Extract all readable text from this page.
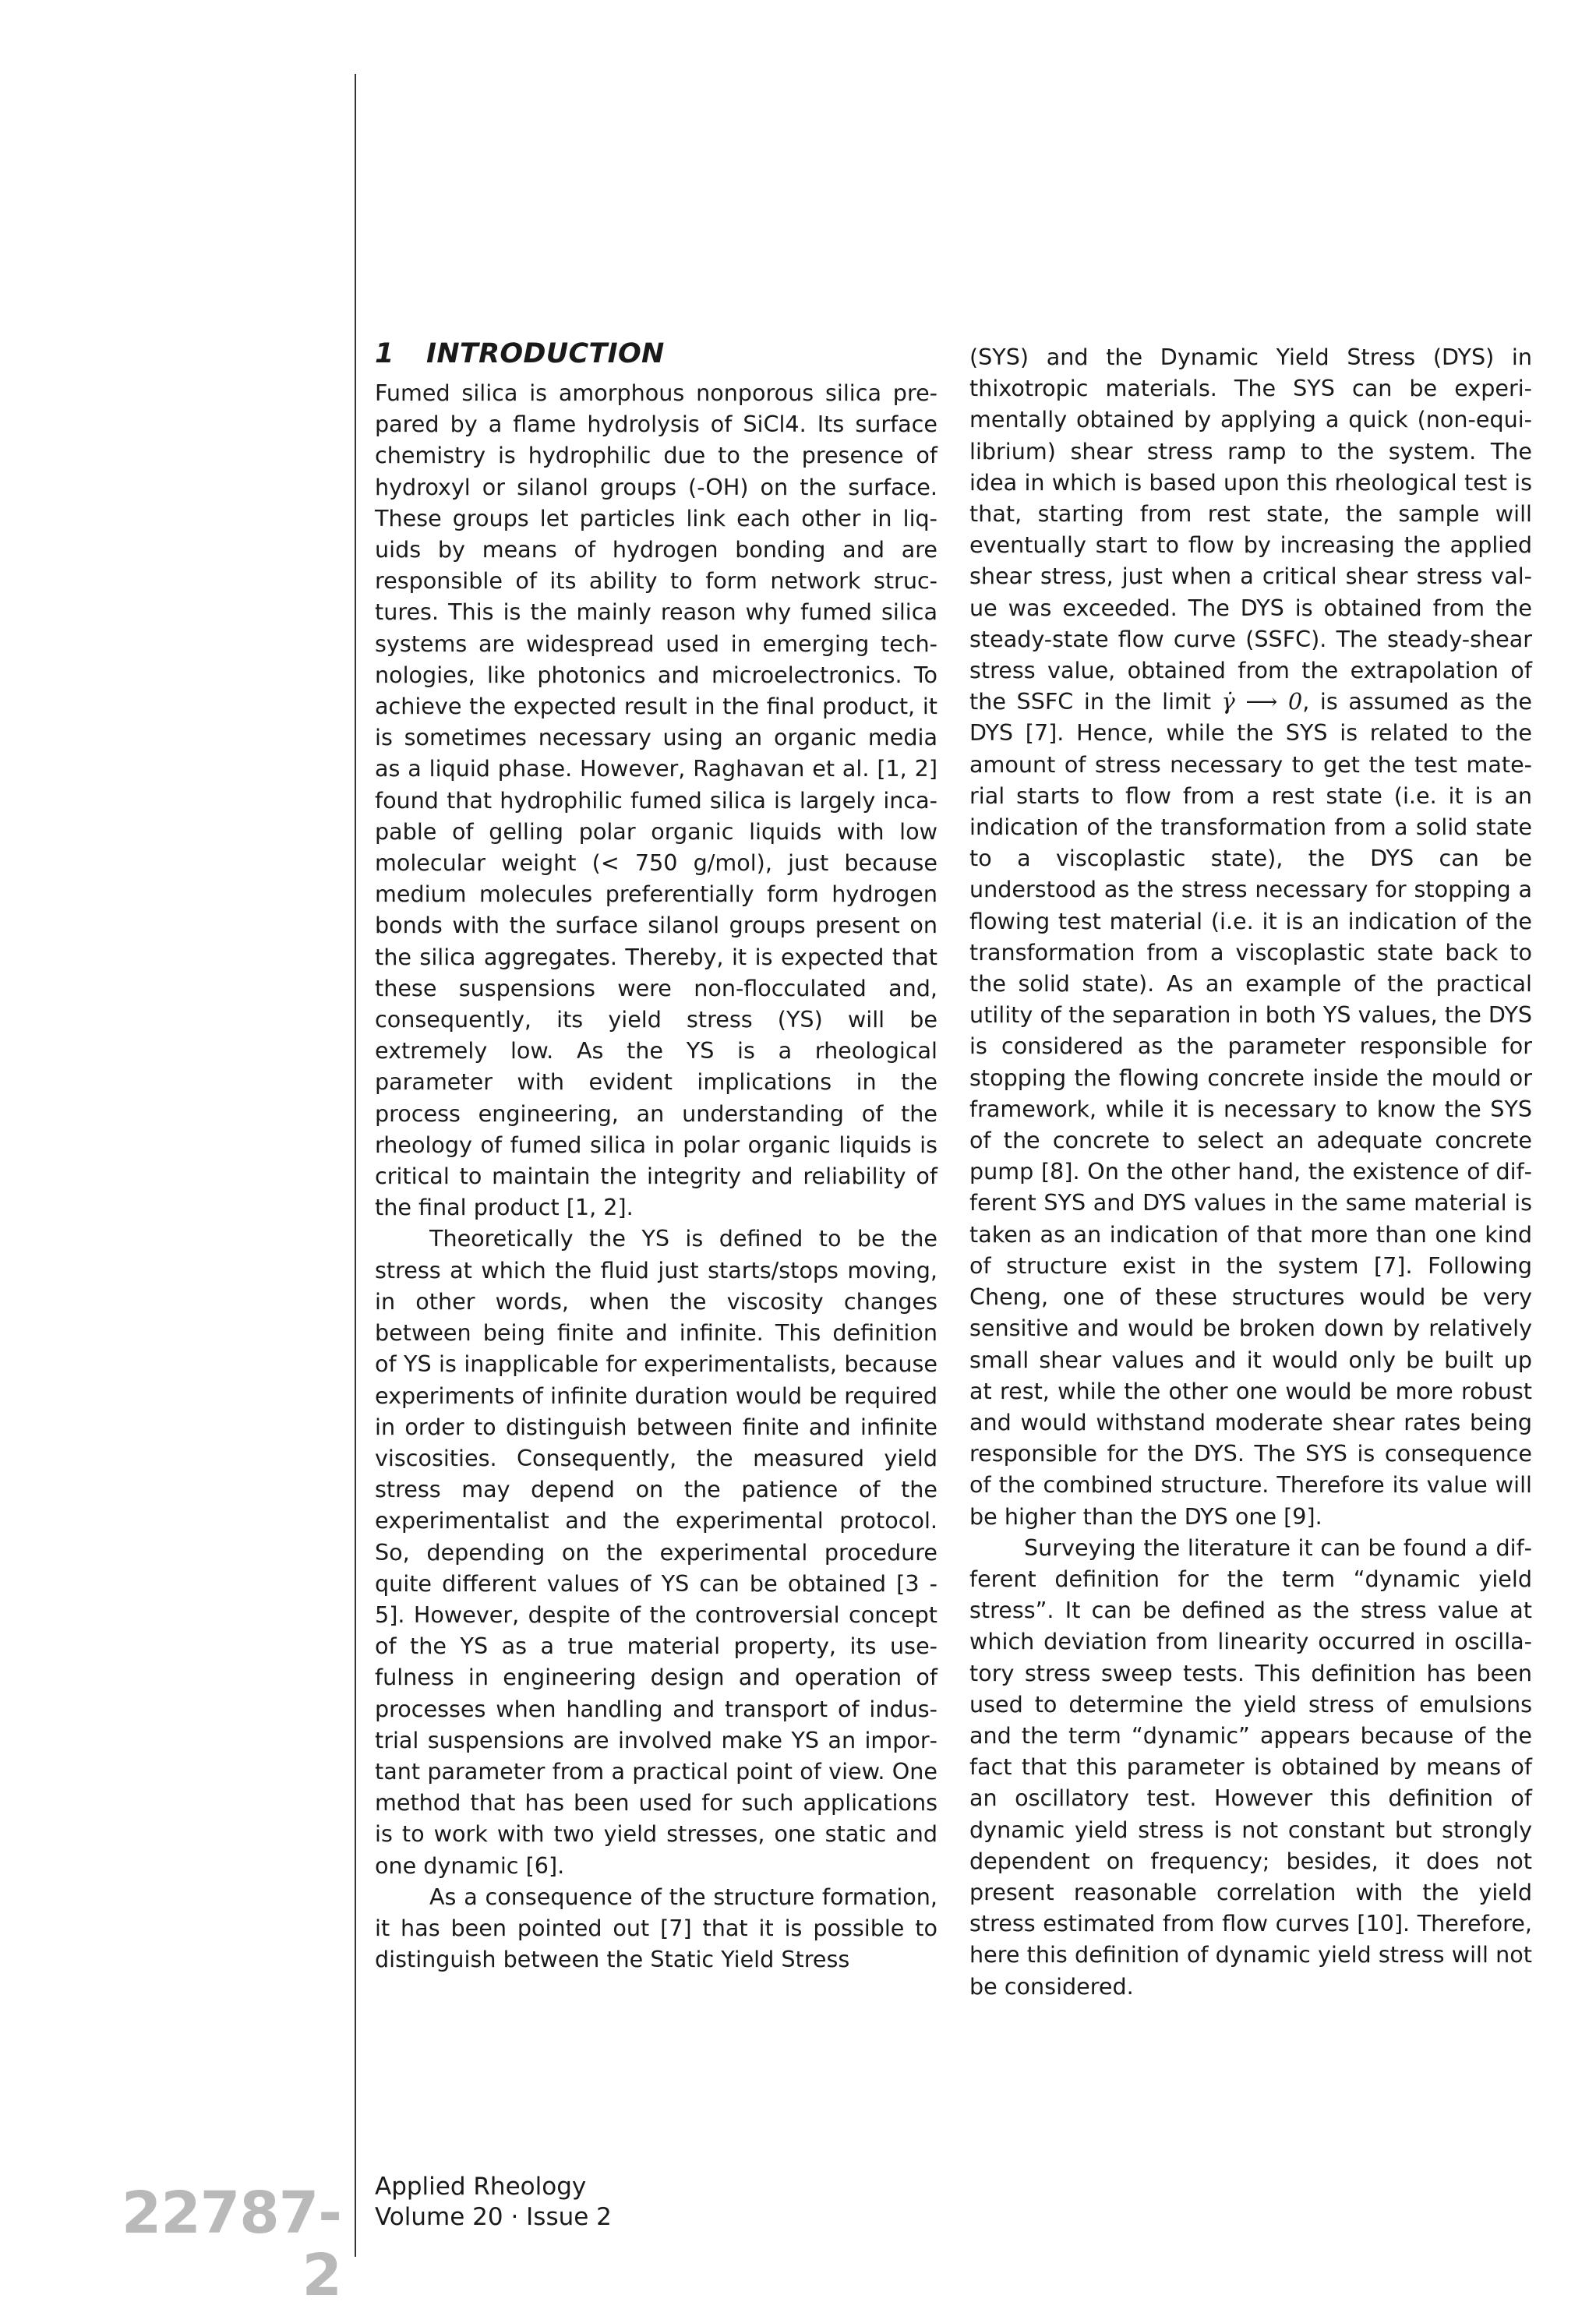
1 INTRODUCTION

Fumed silica is amorphous nonporous silica prepared by a flame hydrolysis of SiCl4. Its surface chemistry is hydrophilic due to the presence of hydroxyl or silanol groups (-OH) on the surface. These groups let particles link each other in liquids by means of hydrogen bonding and are responsible of its ability to form network structures. This is the mainly reason why fumed silica systems are widespread used in emerging technologies, like photonics and microelectronics. To achieve the expected result in the final product, it is sometimes necessary using an organic media as a liquid phase. However, Raghavan et al. [1, 2] found that hydrophilic fumed silica is largely incapable of gelling polar organic liquids with low molecular weight (< 750 g/mol), just because medium molecules preferentially form hydrogen bonds with the surface silanol groups present on the silica aggregates. Thereby, it is expected that these suspensions were non-flocculated and, consequently, its yield stress (YS) will be extremely low. As the YS is a rheological parameter with evident implications in the process engineering, an understanding of the rheology of fumed silica in polar organic liquids is critical to maintain the integrity and reliability of the final product [1, 2].

Theoretically the YS is defined to be the stress at which the fluid just starts/stops moving, in other words, when the viscosity changes between being finite and infinite. This definition of YS is inapplicable for experimentalists, because experiments of infinite duration would be required in order to distinguish between finite and infinite viscosities. Consequently, the measured yield stress may depend on the patience of the experimentalist and the experimental protocol. So, depending on the experimental procedure quite different values of YS can be obtained [3 - 5]. However, despite of the controversial concept of the YS as a true material property, its usefulness in engineering design and operation of processes when handling and transport of industrial suspensions are involved make YS an important parameter from a practical point of view. One method that has been used for such applications is to work with two yield stresses, one static and one dynamic [6].

As a consequence of the structure formation, it has been pointed out [7] that it is possible to distinguish between the Static Yield Stress

(SYS) and the Dynamic Yield Stress (DYS) in thixotropic materials. The SYS can be experimentally obtained by applying a quick (non-equilibrium) shear stress ramp to the system. The idea in which is based upon this rheological test is that, starting from rest state, the sample will eventually start to flow by increasing the applied shear stress, just when a critical shear stress value was exceeded. The DYS is obtained from the steady-state flow curve (SSFC). The steady-shear stress value, obtained from the extrapolation of the SSFC in the limit γ̇ ⟶ 0, is assumed as the DYS [7]. Hence, while the SYS is related to the amount of stress necessary to get the test material starts to flow from a rest state (i.e. it is an indication of the transformation from a solid state to a viscoplastic state), the DYS can be understood as the stress necessary for stopping a flowing test material (i.e. it is an indication of the transformation from a viscoplastic state back to the solid state). As an example of the practical utility of the separation in both YS values, the DYS is considered as the parameter responsible for stopping the flowing concrete inside the mould or framework, while it is necessary to know the SYS of the concrete to select an adequate concrete pump [8]. On the other hand, the existence of different SYS and DYS values in the same material is taken as an indication of that more than one kind of structure exist in the system [7]. Following Cheng, one of these structures would be very sensitive and would be broken down by relatively small shear values and it would only be built up at rest, while the other one would be more robust and would withstand moderate shear rates being responsible for the DYS. The SYS is consequence of the combined structure. Therefore its value will be higher than the DYS one [9].

Surveying the literature it can be found a different definition for the term “dynamic yield stress”. It can be defined as the stress value at which deviation from linearity occurred in oscillatory stress sweep tests. This definition has been used to determine the yield stress of emulsions and the term “dynamic” appears because of the fact that this parameter is obtained by means of an oscillatory test. However this definition of dynamic yield stress is not constant but strongly dependent on frequency; besides, it does not present reasonable correlation with the yield stress estimated from flow curves [10]. Therefore, here this definition of dynamic yield stress will not be considered.

22787-2
Applied Rheology
Volume 20 · Issue 2
